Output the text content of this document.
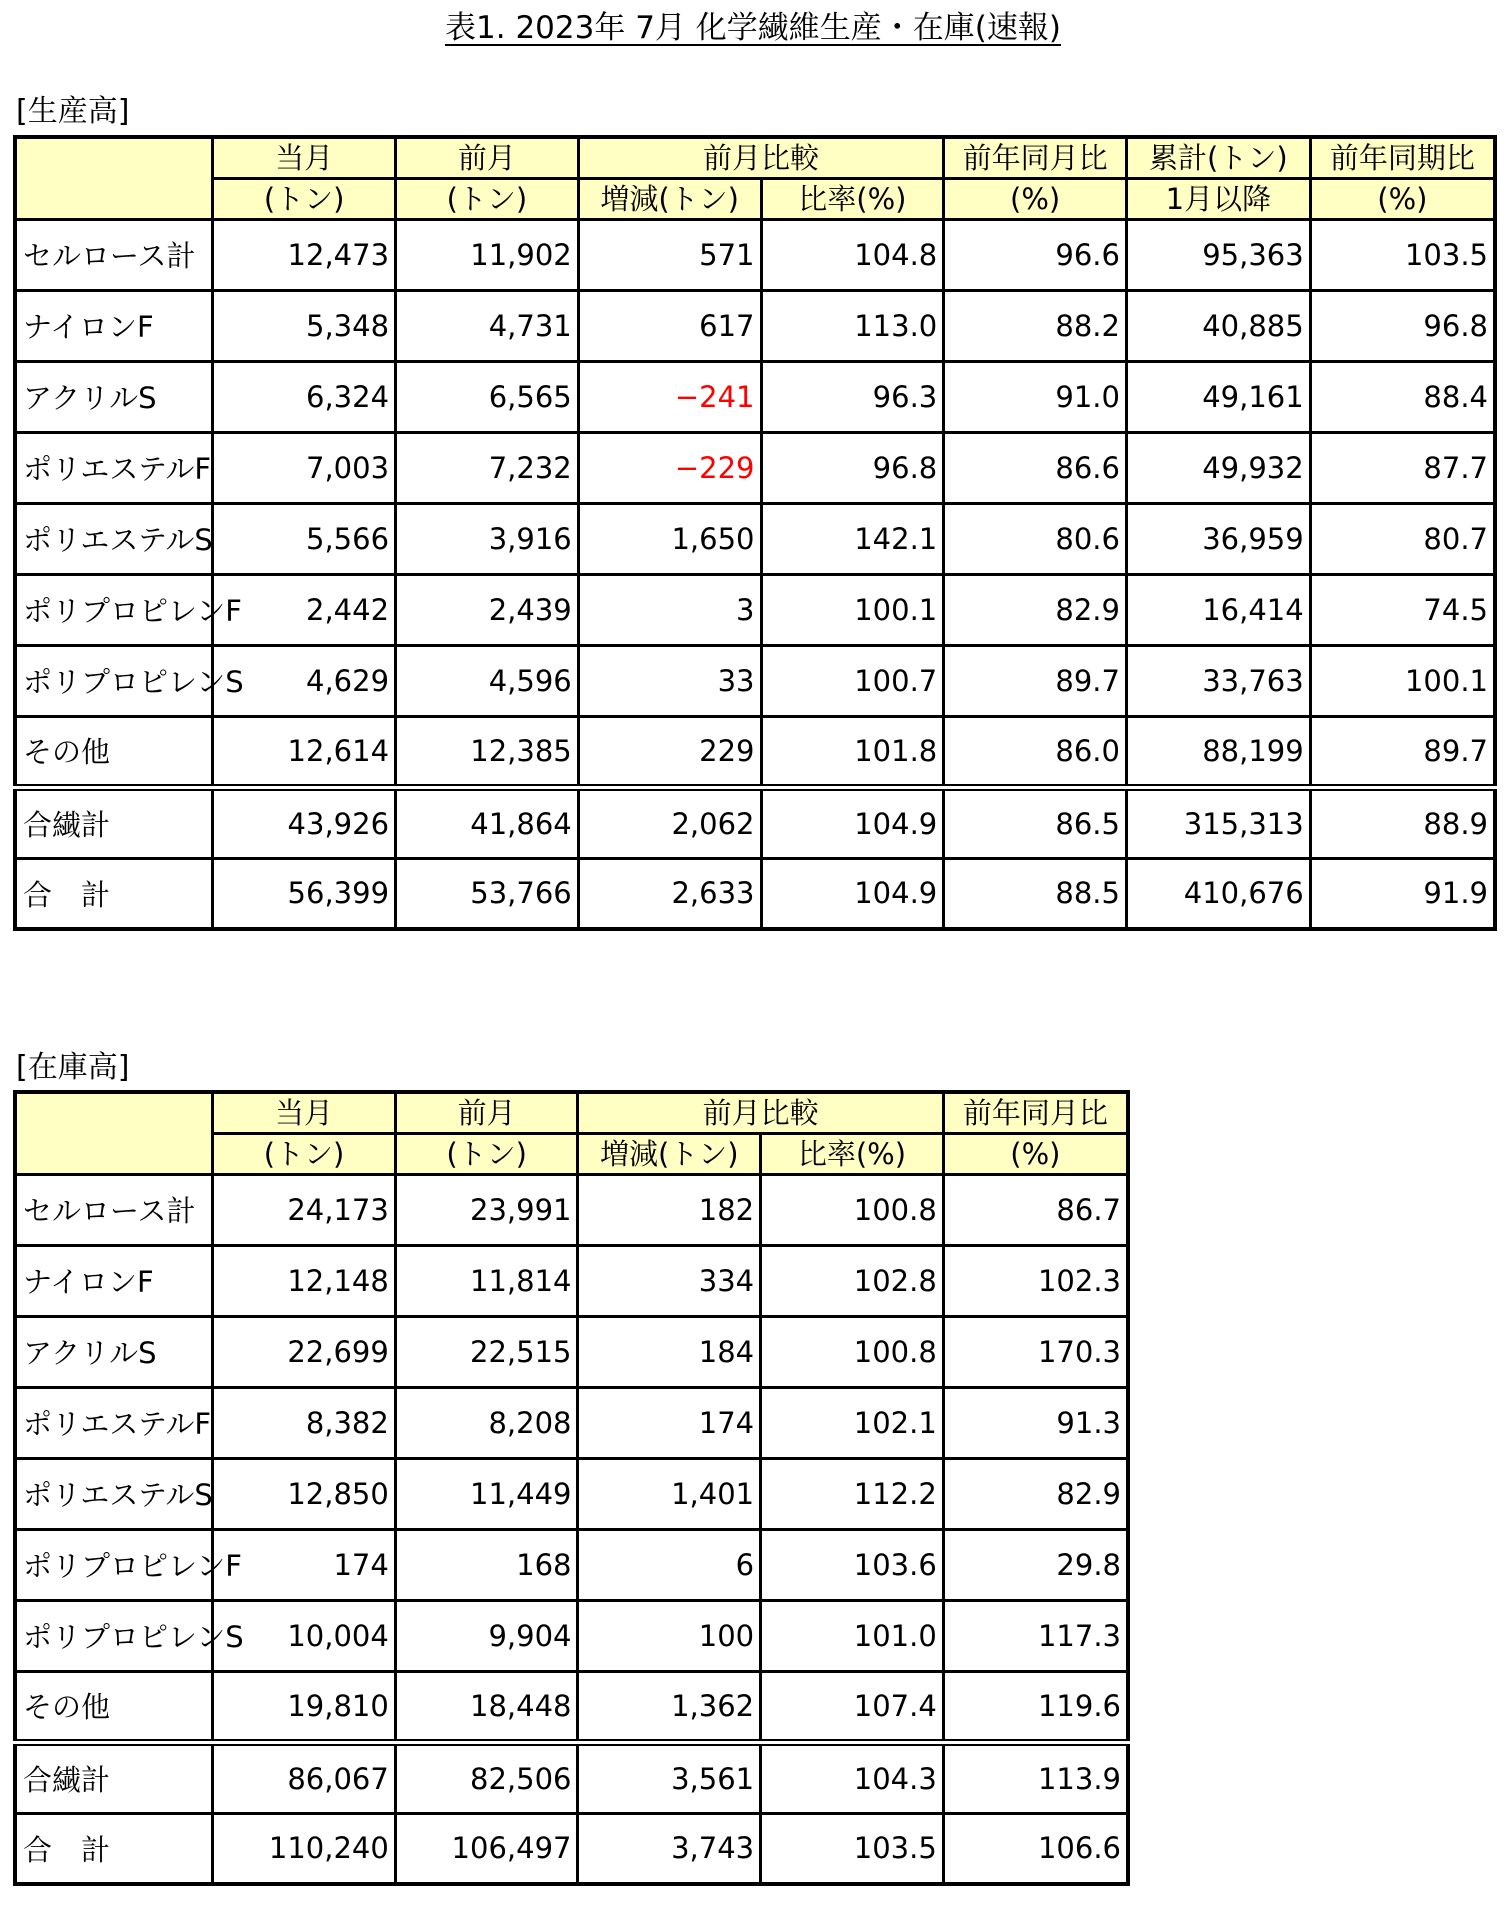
表1. 2023年 7月 化学繊維生産・在庫(速報)
[生産高]
	当月	前月	前月比較		前年同月比	累計(トン)	前年同期比
	(トン)	(トン)	増減(トン)	比率(%)	(%)	1月以降	(%)
セルロース計	12,473	11,902	571	104.8	96.6	95,363	103.5
ナイロンF	5,348	4,731	617	113.0	88.2	40,885	96.8
アクリルS	6,324	6,565	−241	96.3	91.0	49,161	88.4
ポリエステルF	7,003	7,232	−229	96.8	86.6	49,932	87.7
ポリエステルS	5,566	3,916	1,650	142.1	80.6	36,959	80.7
ポリプロピレンF	2,442	2,439	3	100.1	82.9	16,414	74.5
ポリプロピレンS	4,629	4,596	33	100.7	89.7	33,763	100.1
その他	12,614	12,385	229	101.8	86.0	88,199	89.7
合繊計	43,926	41,864	2,062	104.9	86.5	315,313	88.9
合　計	56,399	53,766	2,633	104.9	88.5	410,676	91.9
[在庫高]
	当月	前月	前月比較		前年同月比
	(トン)	(トン)	増減(トン)	比率(%)	(%)
セルロース計	24,173	23,991	182	100.8	86.7
ナイロンF	12,148	11,814	334	102.8	102.3
アクリルS	22,699	22,515	184	100.8	170.3
ポリエステルF	8,382	8,208	174	102.1	91.3
ポリエステルS	12,850	11,449	1,401	112.2	82.9
ポリプロピレンF	174	168	6	103.6	29.8
ポリプロピレンS	10,004	9,904	100	101.0	117.3
その他	19,810	18,448	1,362	107.4	119.6
合繊計	86,067	82,506	3,561	104.3	113.9
合　計	110,240	106,497	3,743	103.5	106.6
